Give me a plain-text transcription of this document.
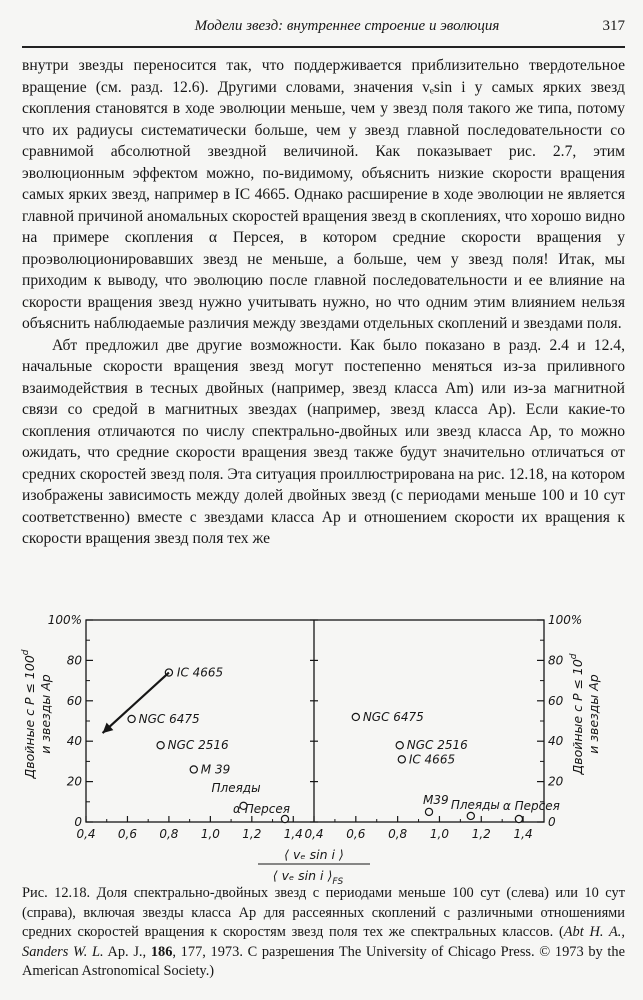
Модели звезд: внутреннее строение и эволюция	317

внутри звезды переносится так, что поддерживается приблизительно твердотельное вращение (см. разд. 12.6). Другими словами, значения vₑsin i у самых ярких звезд скопления становятся в ходе эволюции меньше, чем у звезд поля такого же типа, потому что их радиусы систематически больше, чем у звезд главной последовательности со сравнимой абсолютной звездной величиной. Как показывает рис. 2.7, этим эволюционным эффектом можно, по-видимому, объяснить низкие скорости вращения самых ярких звезд, например в IC 4665. Однако расширение в ходе эволюции не является главной причиной аномальных скоростей вращения звезд в скоплениях, что хорошо видно на примере скопления α Персея, в котором средние скорости вращения у проэволюционировавших звезд не меньше, а больше, чем у звезд поля! Итак, мы приходим к выводу, что эволюцию после главной последовательности и ее влияние на скорости вращения звезд нужно учитывать нужно, но что одним этим влиянием нельзя объяснить наблюдаемые различия между звездами отдельных скоплений и звездами поля.

Абт предложил две другие возможности. Как было показано в разд. 2.4 и 12.4, начальные скорости вращения звезд могут постепенно меняться из-за приливного взаимодействия в тесных двойных (например, звезд класса Am) или из-за магнитной связи со средой в магнитных звездах (например, звезд класса Ap). Если какие-то скопления отличаются по числу спектрально-двойных или звезд класса Ap, то можно ожидать, что средние скорости вращения звезд также будут значительно отличаться от средних скоростей звезд поля. Эта ситуация проиллюстрирована на рис. 12.18, на котором изображены зависимость между долей двойных звезд (с периодами меньше 100 и 10 сут соответственно) вместе с звездами класса Ap и отношением скорости их вращения к скорости вращения звезд поля тех же

0	0
20	20
40	40
60	60
80	80
100%	100%
0,4	0,4
0,6	0,6
0,8	0,8
1,0	1,0
1,2	1,2
1,4	1,4
IC 4665
NGC 6475
NGC 2516
M 39
Плеяды
α Персея
NGC 6475
NGC 2516
IC 4665
M39 Плеяды α Персея
Двойные с $P \le 100^d$
и звезды Ap	Двойные с $P \le 10^d$
и звезды Ap
⟨ vₑ sin i ⟩
⟨ vₑ sin i $⟩_{FS}$
Рис. 12.18. Доля спектрально-двойных звезд с периодами меньше 100 сут (слева) или 10 сут (справа), включая звезды класса Ap для рассеянных скоплений с различными отношениями средних скоростей вращения к скоростям звезд поля тех же спектральных классов. (Abt H. A., Sanders W. L. Ap. J., 186, 177, 1973. С разрешения The University of Chicago Press. © 1973 by the American Astronomical Society.)
